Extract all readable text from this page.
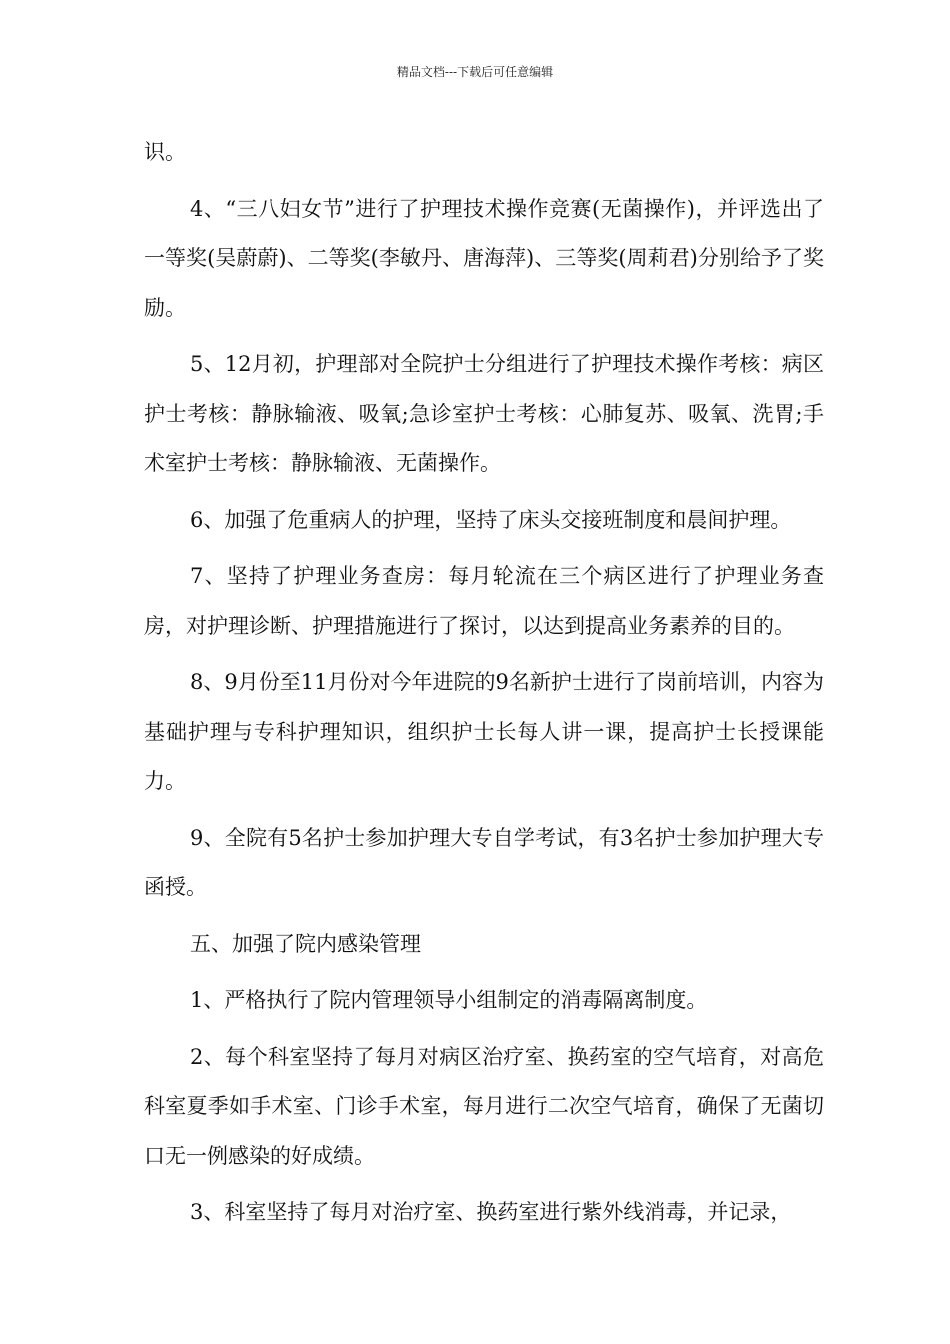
精品文档---下载后可任意编辑

识。

4、“三八妇女节”进行了护理技术操作竞赛(无菌操作)，并评选出了一等奖(吴蔚蔚)、二等奖(李敏丹、唐海萍)、三等奖(周莉君)分别给予了奖励。

5、12月初，护理部对全院护士分组进行了护理技术操作考核：病区护士考核：静脉输液、吸氧;急诊室护士考核：心肺复苏、吸氧、洗胃;手术室护士考核：静脉输液、无菌操作。

6、加强了危重病人的护理，坚持了床头交接班制度和晨间护理。

7、坚持了护理业务查房：每月轮流在三个病区进行了护理业务查房，对护理诊断、护理措施进行了探讨，以达到提高业务素养的目的。

8、9月份至11月份对今年进院的9名新护士进行了岗前培训，内容为基础护理与专科护理知识，组织护士长每人讲一课，提高护士长授课能力。

9、全院有5名护士参加护理大专自学考试，有3名护士参加护理大专函授。

五、加强了院内感染管理

1、严格执行了院内管理领导小组制定的消毒隔离制度。

2、每个科室坚持了每月对病区治疗室、换药室的空气培育，对高危科室夏季如手术室、门诊手术室，每月进行二次空气培育，确保了无菌切口无一例感染的好成绩。

3、科室坚持了每月对治疗室、换药室进行紫外线消毒，并记录，
